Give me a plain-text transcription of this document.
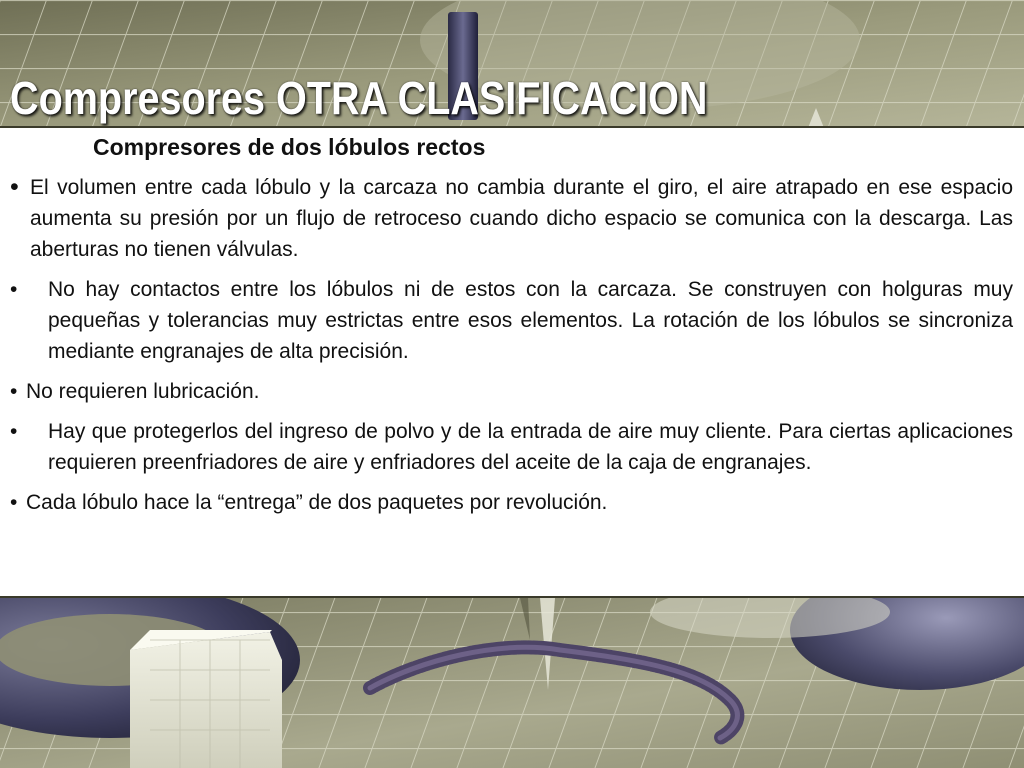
Compresores OTRA CLASIFICACION
Compresores de dos lóbulos rectos
• El volumen entre cada lóbulo y la carcaza no cambia durante el giro, el aire atrapado en ese espacio aumenta su presión por un flujo de retroceso cuando dicho espacio se comunica con la descarga. Las aberturas no tienen válvulas.
•	No hay contactos entre los lóbulos ni de estos con la carcaza. Se construyen con holguras muy pequeñas y tolerancias muy estrictas entre esos elementos. La rotación de los lóbulos se sincroniza mediante engranajes de alta precisión.
• No requieren lubricación.
•	Hay que protegerlos del ingreso de polvo y de la entrada de aire muy cliente. Para ciertas aplicaciones requieren preenfriadores de aire y enfriadores del aceite de la caja de engranajes.
• Cada lóbulo hace la “entrega” de dos paquetes por revolución.
